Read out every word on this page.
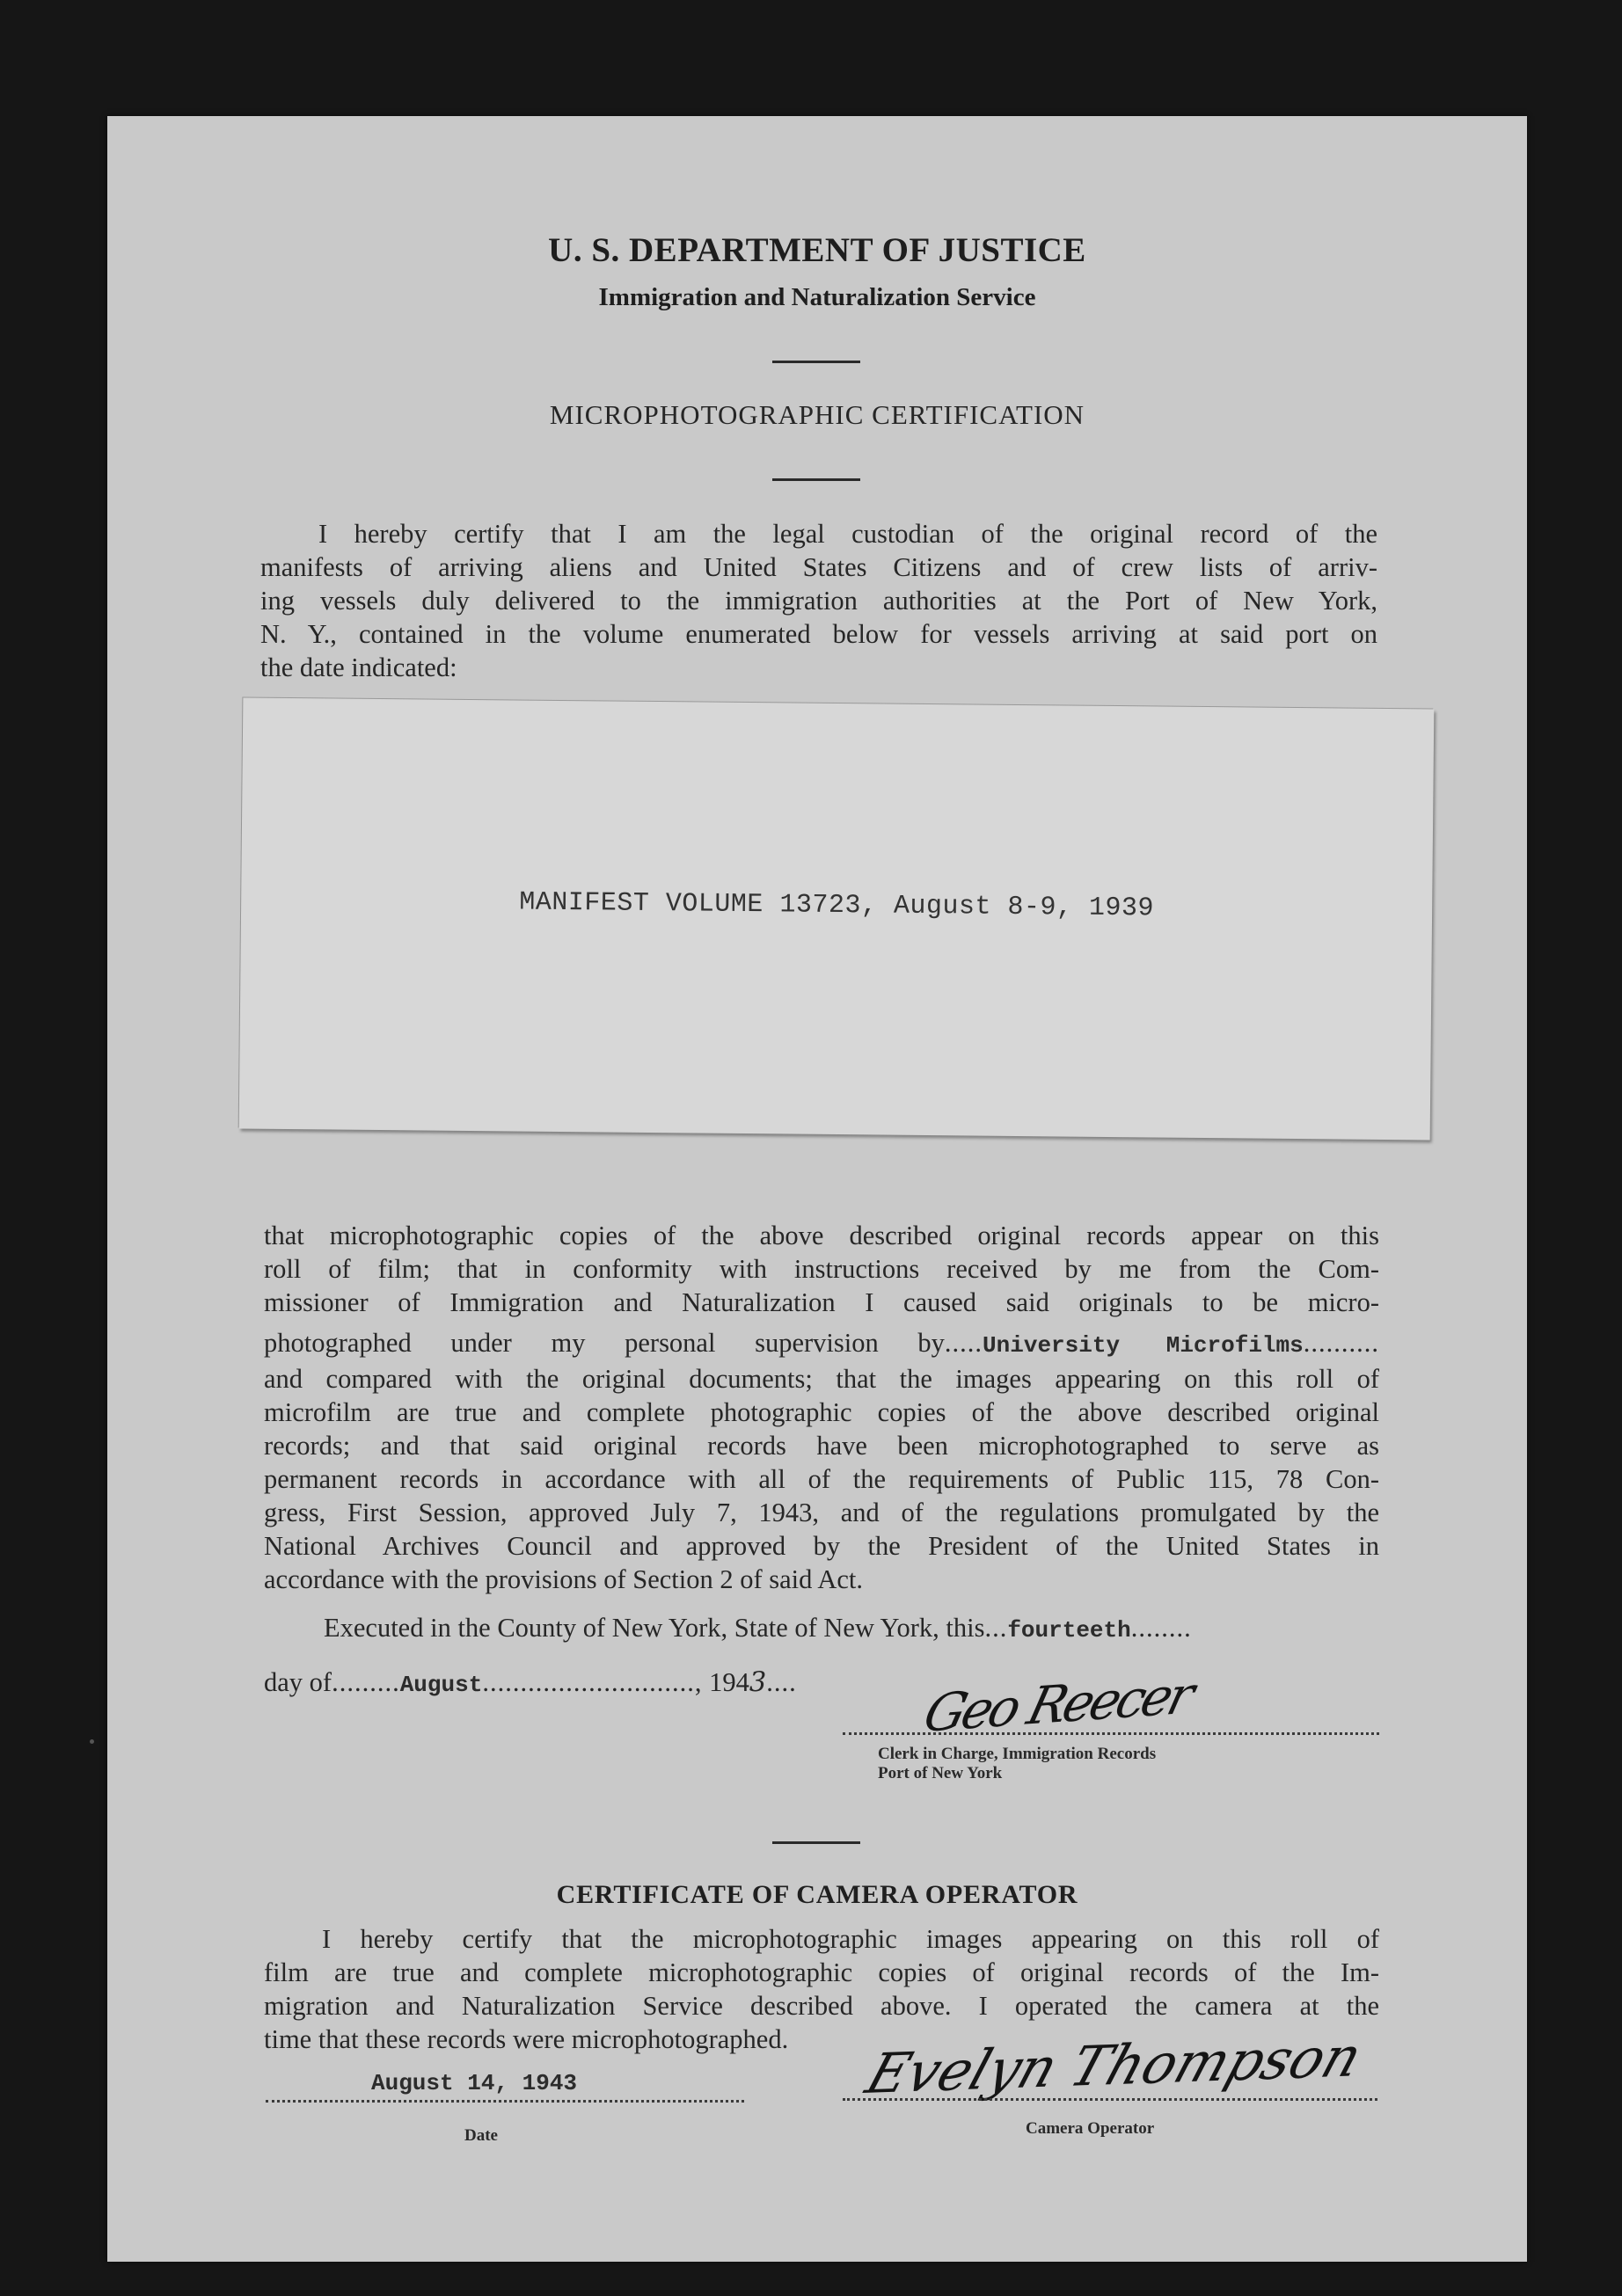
U. S. DEPARTMENT OF JUSTICE
Immigration and Naturalization Service
MICROPHOTOGRAPHIC CERTIFICATION
I hereby certify that I am the legal custodian of the original record of the
manifests of arriving aliens and United States Citizens and of crew lists of arriv-
ing vessels duly delivered to the immigration authorities at the Port of New York,
N. Y., contained in the volume enumerated below for vessels arriving at said port on
the date indicated:
MANIFEST VOLUME 13723, August 8-9, 1939
that microphotographic copies of the above described original records appear on this
roll of film; that in conformity with instructions received by me from the Com-
missioner of Immigration and Naturalization I caused said originals to be micro-
photographed under my personal supervision by.....University Microfilms..........
and compared with the original documents; that the images appearing on this roll of
microfilm are true and complete photographic copies of the above described original
records; and that said original records have been microphotographed to serve as
permanent records in accordance with all of the requirements of Public 115, 78 Con-
gress, First Session, approved July 7, 1943, and of the regulations promulgated by the
National Archives Council and approved by the President of the United States in
accordance with the provisions of Section 2 of said Act.
Executed in the County of New York, State of New York, this...fourteeth........
day of.........August............................, 1943....	Geo Reecer
Clerk in Charge, Immigration Records
Port of New York
CERTIFICATE OF CAMERA OPERATOR
I hereby certify that the microphotographic images appearing on this roll of
film are true and complete microphotographic copies of original records of the Im-
migration and Naturalization Service described above. I operated the camera at the
time that these records were microphotographed.
August 14, 1943
Date
Evelyn Thompson
Camera Operator
